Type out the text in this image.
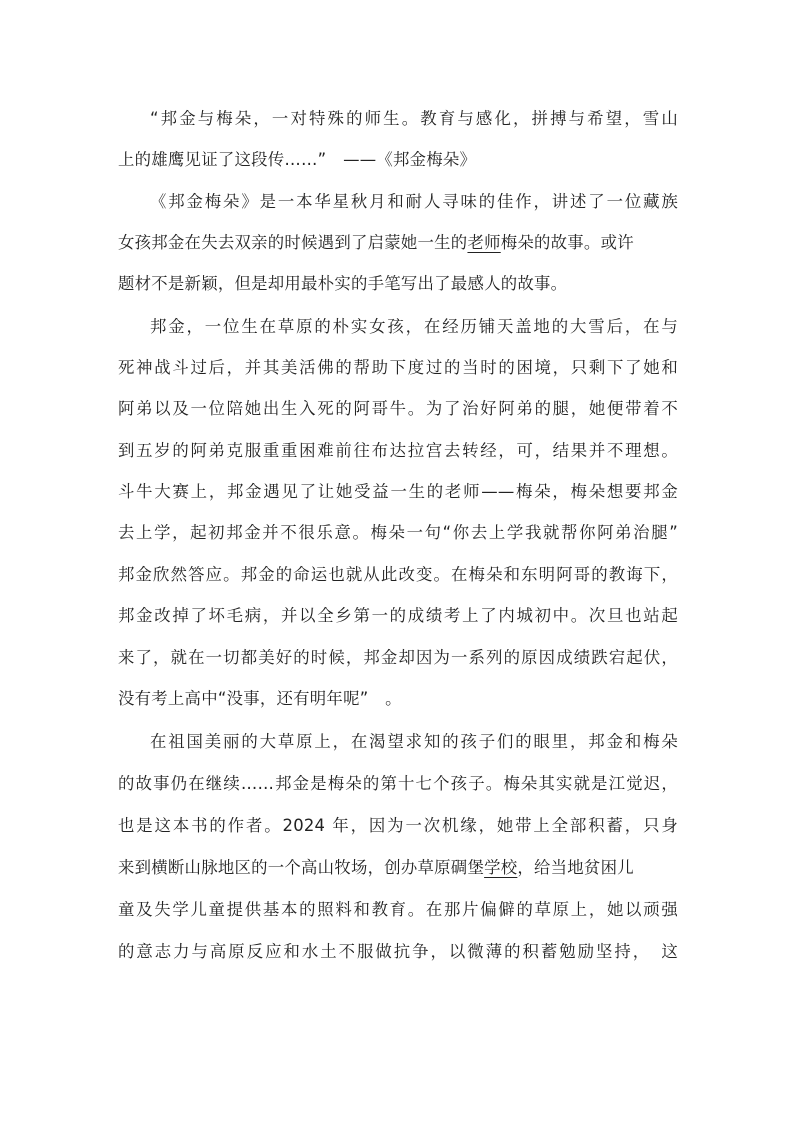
“邦金与梅朵，一对特殊的师生。教育与感化，拼搏与希望，雪山
上的雄鹰见证了这段传……”　——《邦金梅朵》
《邦金梅朵》是一本华星秋月和耐人寻味的佳作，讲述了一位藏族
女孩邦金在失去双亲的时候遇到了启蒙她一生的老师梅朵的故事。或许
题材不是新颖，但是却用最朴实的手笔写出了最感人的故事。
邦金，一位生在草原的朴实女孩，在经历铺天盖地的大雪后，在与
死神战斗过后，并其美活佛的帮助下度过的当时的困境，只剩下了她和
阿弟以及一位陪她出生入死的阿哥牛。为了治好阿弟的腿，她便带着不
到五岁的阿弟克服重重困难前往布达拉宫去转经，可，结果并不理想。
斗牛大赛上，邦金遇见了让她受益一生的老师——梅朵，梅朵想要邦金
去上学，起初邦金并不很乐意。梅朵一句“你去上学我就帮你阿弟治腿”
邦金欣然答应。邦金的命运也就从此改变。在梅朵和东明阿哥的教诲下，
邦金改掉了坏毛病，并以全乡第一的成绩考上了内城初中。次旦也站起
来了，就在一切都美好的时候，邦金却因为一系列的原因成绩跌宕起伏，
没有考上高中“没事，还有明年呢”　。
在祖国美丽的大草原上，在渴望求知的孩子们的眼里，邦金和梅朵
的故事仍在继续……邦金是梅朵的第十七个孩子。梅朵其实就是江觉迟，
也是这本书的作者。2024 年，因为一次机缘，她带上全部积蓄，只身
来到横断山脉地区的一个高山牧场，创办草原碉堡学校，给当地贫困儿
童及失学儿童提供基本的照料和教育。在那片偏僻的草原上，她以顽强
的意志力与高原反应和水土不服做抗争，以微薄的积蓄勉励坚持，　这
